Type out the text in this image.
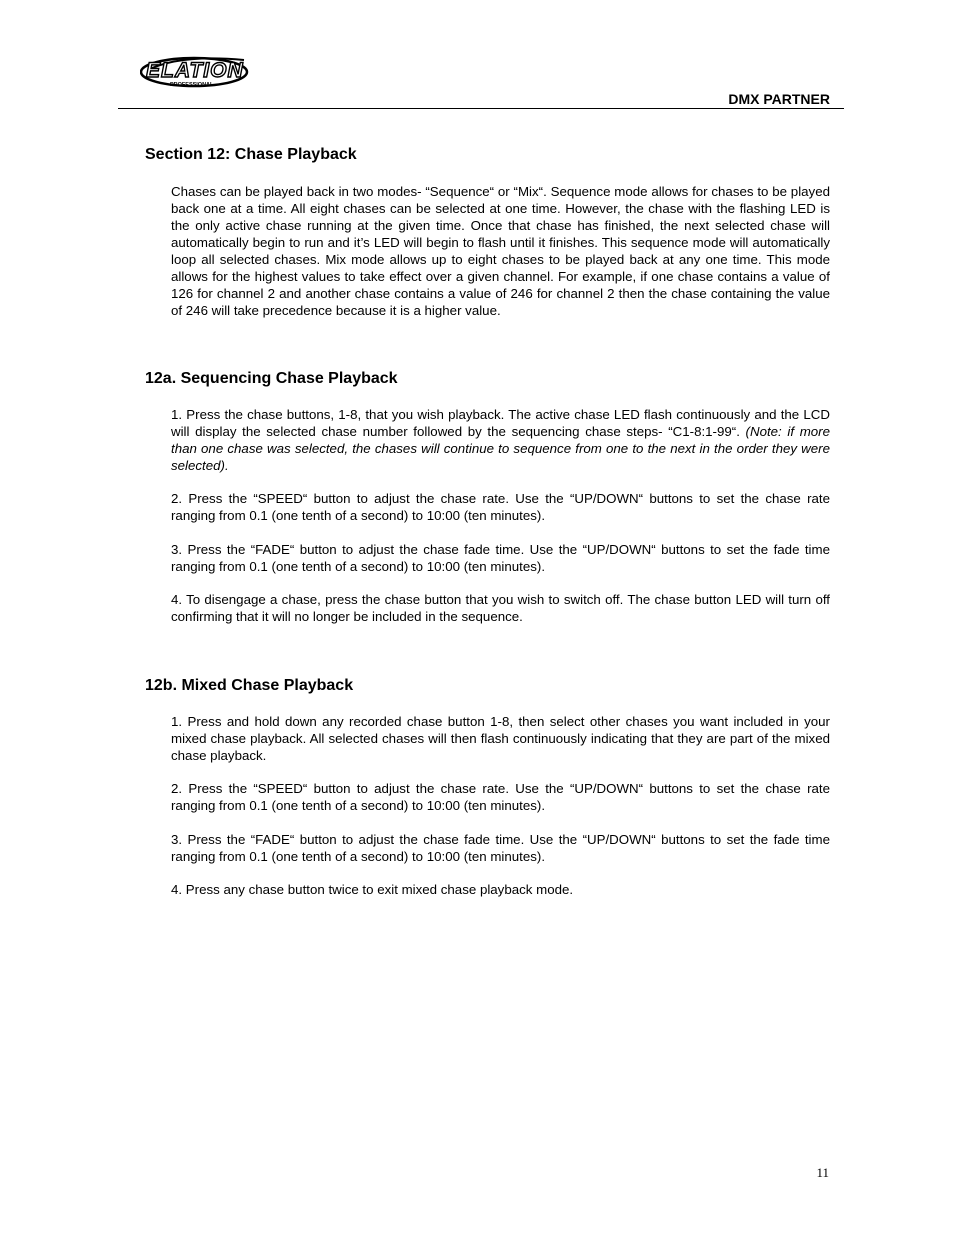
ELATION
PROFESSIONAL
DMX PARTNER
Section 12: Chase Playback

Chases can be played back in two modes- “Sequence“ or “Mix“. Sequence mode allows for chases to be played back one at a time. All eight chases can be selected at one time. However, the chase with the flashing LED is the only active chase running at the given time. Once that chase has finished, the next selected chase will automatically begin to run and it’s LED will begin to flash until it finishes. This sequence mode will automatically loop all selected chases. Mix mode allows up to eight chases to be played back at any one time. This mode allows for the highest values to take effect over a given channel. For example, if one chase contains a value of 126 for channel 2 and another chase contains a value of 246 for channel 2 then the chase containing the value of 246 will take precedence because it is a higher value.

12a. Sequencing Chase Playback

1. Press the chase buttons, 1-8, that you wish playback. The active chase LED flash continuously and the LCD will display the selected chase number followed by the sequencing chase steps- “C1-8:1-99“. (Note: if more than one chase was selected, the chases will continue to sequence from one to the next in the order they were selected).

2. Press the “SPEED“ button to adjust the chase rate. Use the “UP/DOWN“ buttons to set the chase rate ranging from 0.1 (one tenth of a second) to 10:00 (ten minutes).

3. Press the “FADE“ button to adjust the chase fade time. Use the “UP/DOWN“ buttons to set the fade time ranging from 0.1 (one tenth of a second) to 10:00 (ten minutes).

4. To disengage a chase, press the chase button that you wish to switch off. The chase button LED will turn off confirming that it will no longer be included in the sequence.

12b. Mixed Chase Playback

1. Press and hold down any recorded chase button 1-8, then select other chases you want included in your mixed chase playback. All selected chases will then flash continuously indicating that they are part of the mixed chase playback.

2. Press the “SPEED“ button to adjust the chase rate. Use the “UP/DOWN“ buttons to set the chase rate ranging from 0.1 (one tenth of a second) to 10:00 (ten minutes).

3. Press the “FADE“ button to adjust the chase fade time. Use the “UP/DOWN“ buttons to set the fade time ranging from 0.1 (one tenth of a second) to 10:00 (ten minutes).

4. Press any chase button twice to exit mixed chase playback mode.

11
